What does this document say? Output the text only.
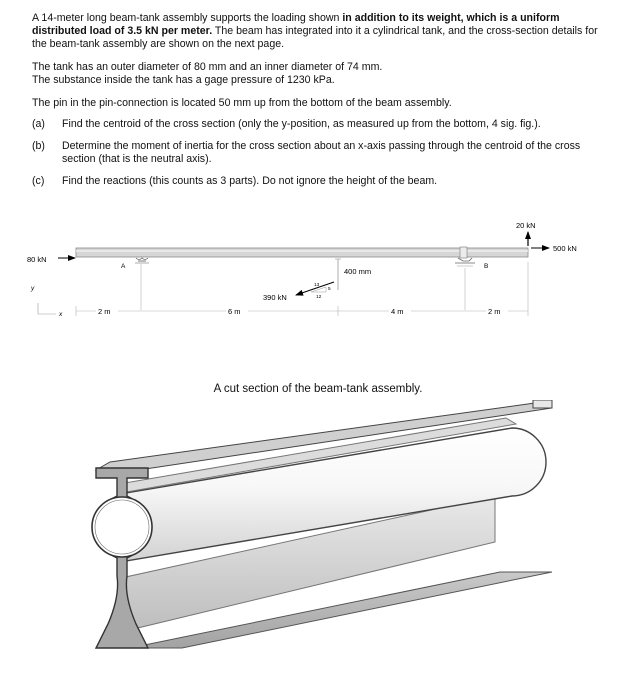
A 14-meter long beam-tank assembly supports the loading shown in addition to its weight, which is a uniform distributed load of 3.5 kN per meter. The beam has integrated into it a cylindrical tank, and the cross-section details for the beam-tank assembly are shown on the next page.
The tank has an outer diameter of 80 mm and an inner diameter of 74 mm.
The substance inside the tank has a gage pressure of 1230 kPa.
The pin in the pin-connection is located 50 mm up from the bottom of the beam assembly.
(a) Find the centroid of the cross section (only the y-position, as measured up from the bottom, 4 sig. fig.).
(b) Determine the moment of inertia for the cross section about an x-axis passing through the centroid of the cross section (that is the neutral axis).
(c) Find the reactions (this counts as 3 parts). Do not ignore the height of the beam.
80 kN
20 kN
500 kN
A	B
400 mm
390 kN
13
5
12
y
x	2 m	6 m	4 m	2 m
A cut section of the beam-tank assembly.
